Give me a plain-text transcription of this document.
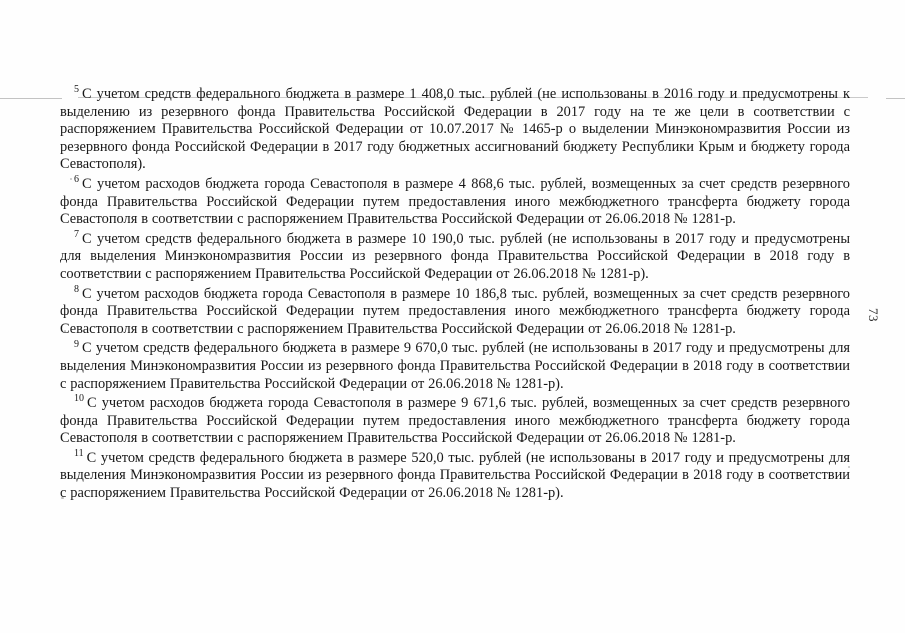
$^5$ С учетом средств федерального бюджета в размере 1 408,0 тыс. рублей (не использованы в 2016 году и предусмотрены к выделению из резервного фонда Правительства Российской Федерации в 2017 году на те же цели в соответствии с распоряжением Правительства Российской Федерации от 10.07.2017 № 1465-р о выделении Минэкономразвития России из резервного фонда Российской Федерации в 2017 году бюджетных ассигнований бюджету Республики Крым и бюджету города Севастополя).

$^6$ С учетом расходов бюджета города Севастополя в размере 4 868,6 тыс. рублей, возмещенных за счет средств резервного фонда Правительства Российской Федерации путем предоставления иного межбюджетного трансферта бюджету города Севастополя в соответствии с распоряжением Правительства Российской Федерации от 26.06.2018 № 1281-р.

$^7$ С учетом средств федерального бюджета в размере 10 190,0 тыс. рублей (не использованы в 2017 году и предусмотрены для выделения Минэкономразвития России из резервного фонда Правительства Российской Федерации в 2018 году в соответствии с распоряжением Правительства Российской Федерации от 26.06.2018 № 1281-р).

$^8$ С учетом расходов бюджета города Севастополя в размере 10 186,8 тыс. рублей, возмещенных за счет средств резервного фонда Правительства Российской Федерации путем предоставления иного межбюджетного трансферта бюджету города Севастополя в соответствии с распоряжением Правительства Российской Федерации от 26.06.2018 № 1281-р.

$^9$ С учетом средств федерального бюджета в размере 9 670,0 тыс. рублей (не использованы в 2017 году и предусмотрены для выделения Минэкономразвития России из резервного фонда Правительства Российской Федерации в 2018 году в соответствии с распоряжением Правительства Российской Федерации от 26.06.2018 № 1281-р).

$^{10}$ С учетом расходов бюджета города Севастополя в размере 9 671,6 тыс. рублей, возмещенных за счет средств резервного фонда Правительства Российской Федерации путем предоставления иного межбюджетного трансферта бюджету города Севастополя в соответствии с распоряжением Правительства Российской Федерации от 26.06.2018 № 1281-р.

$^{11}$ С учетом средств федерального бюджета в размере 520,0 тыс. рублей (не использованы в 2017 году и предусмотрены для выделения Минэкономразвития России из резервного фонда Правительства Российской Федерации в 2018 году в соответствии с распоряжением Правительства Российской Федерации от 26.06.2018 № 1281-р).

73
